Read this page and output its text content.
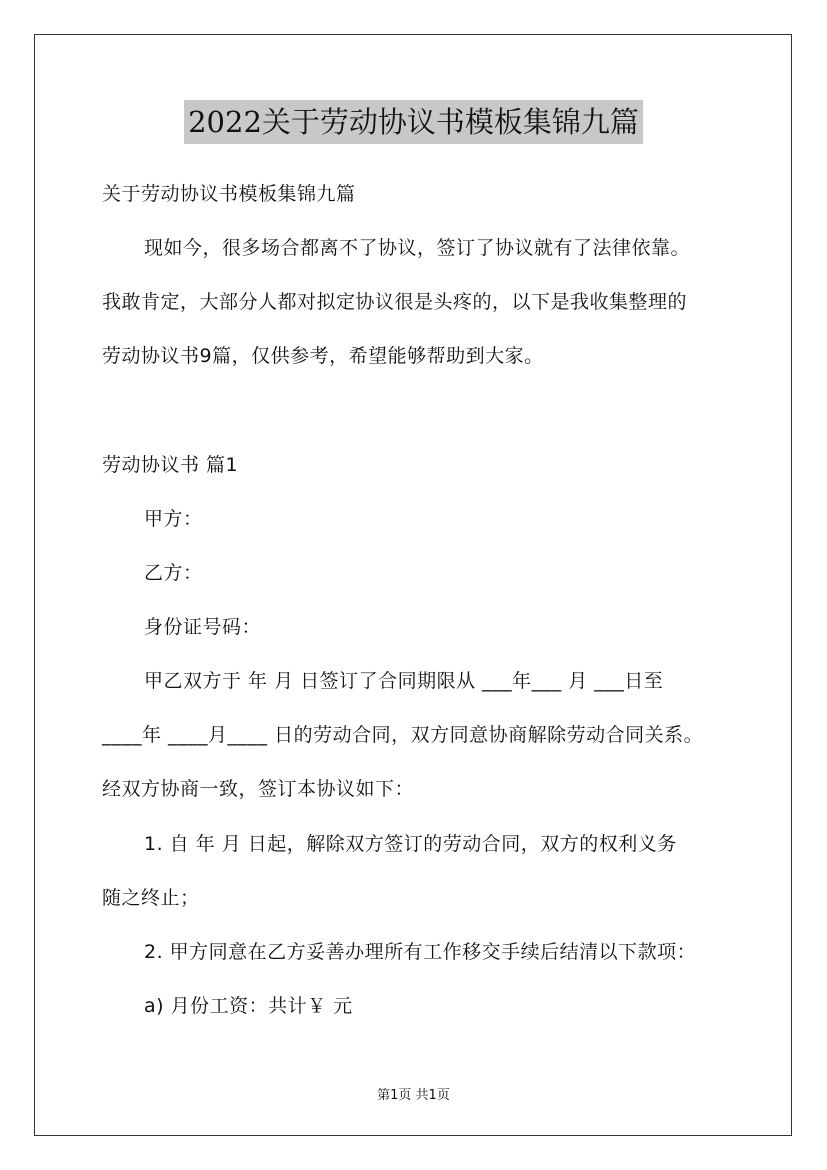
2022关于劳动协议书模板集锦九篇
关于劳动协议书模板集锦九篇
现如今，很多场合都离不了协议，签订了协议就有了法律依靠。
我敢肯定，大部分人都对拟定协议很是头疼的，以下是我收集整理的
劳动协议书9篇，仅供参考，希望能够帮助到大家。
劳动协议书 篇1
甲方：
乙方：
身份证号码：
甲乙双方于 年 月 日签订了合同期限从 ___年___ 月 ___日至
____年 ____月____ 日的劳动合同，双方同意协商解除劳动合同关系。
经双方协商一致，签订本协议如下：
1. 自 年 月 日起，解除双方签订的劳动合同，双方的权利义务
随之终止；
2. 甲方同意在乙方妥善办理所有工作移交手续后结清以下款项：
a) 月份工资：共计￥ 元
第1页 共1页
